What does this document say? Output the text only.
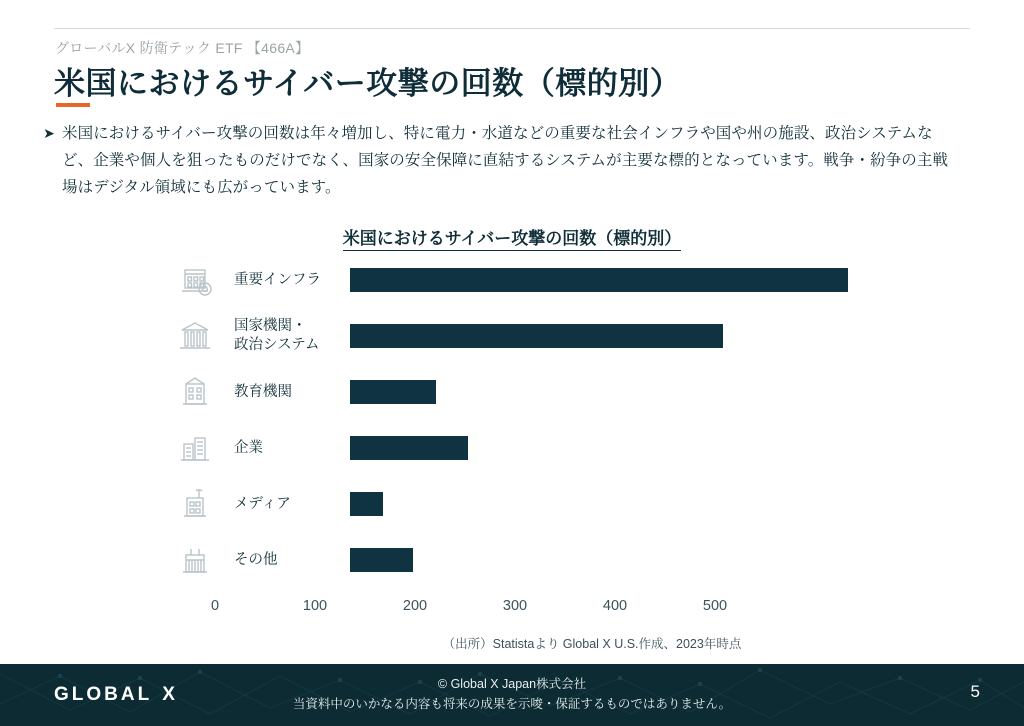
グローバルX 防衛テック ETF 【466A】
米国におけるサイバー攻撃の回数（標的別）
➤ 米国におけるサイバー攻撃の回数は年々増加し、特に電力・水道などの重要な社会インフラや国や州の施設、政治システムなど、企業や個人を狙ったものだけでなく、国家の安全保障に直結するシステムが主要な標的となっています。戦争・紛争の主戦場はデジタル領域にも広がっています。
米国におけるサイバー攻撃の回数（標的別）
重要インフラ
国家機関・
政治システム
教育機関
企業
メディア
その他
0	100	200	300	400	500
（出所）Statistaより Global X U.S.作成、2023年時点
GLOBAL X	© Global X Japan株式会社
当資料中のいかなる内容も将来の成果を示唆・保証するものではありません。
5
